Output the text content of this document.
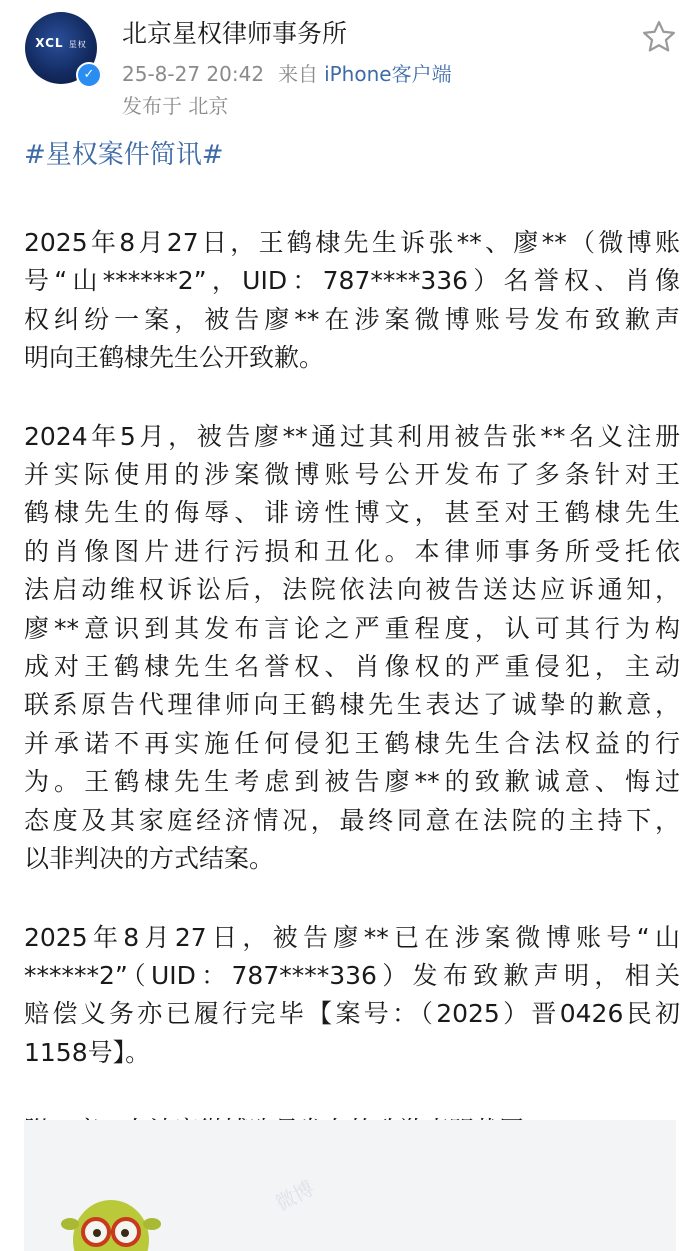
XCL 星权
✓
北京星权律师事务所
25-8-27 20:42 来自 iPhone客户端
发布于 北京

#星权案件简讯#

2025年8月27日，王鹤棣先生诉张**、廖**（微博账
号“山******2”，UID：787****336）名誉权、肖像
权纠纷一案，被告廖**在涉案微博账号发布致歉声
明向王鹤棣先生公开致歉。

2024年5月，被告廖**通过其利用被告张**名义注册
并实际使用的涉案微博账号公开发布了多条针对王
鹤棣先生的侮辱、诽谤性博文，甚至对王鹤棣先生
的肖像图片进行污损和丑化。本律师事务所受托依
法启动维权诉讼后，法院依法向被告送达应诉通知，
廖**意识到其发布言论之严重程度，认可其行为构
成对王鹤棣先生名誉权、肖像权的严重侵犯，主动
联系原告代理律师向王鹤棣先生表达了诚挚的歉意，
并承诺不再实施任何侵犯王鹤棣先生合法权益的行
为。王鹤棣先生考虑到被告廖**的致歉诚意、悔过
态度及其家庭经济情况，最终同意在法院的主持下，
以非判决的方式结案。

2025年8月27日，被告廖**已在涉案微博账号“山
******2”（UID：787****336）发布致歉声明，相关
赔偿义务亦已履行完毕【案号：（2025）晋0426民初
1158号】。

微博
